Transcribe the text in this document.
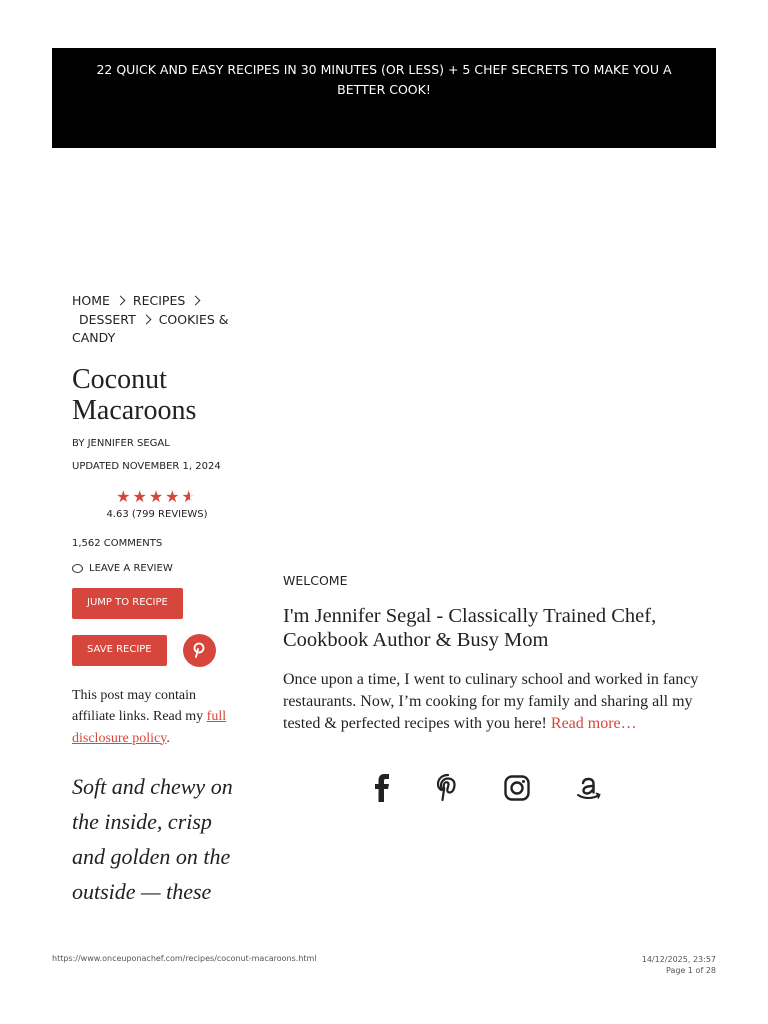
22 QUICK AND EASY RECIPES IN 30 MINUTES (OR LESS) + 5 CHEF SECRETS TO MAKE YOU A BETTER COOK!
HOME RECIPES
DESSERT COOKIES & CANDY
Coconut Macaroons
BY JENNIFER SEGAL
UPDATED NOVEMBER 1, 2024
★★★★★
4.63 (799 REVIEWS)
1,562 COMMENTS
LEAVE A REVIEW
JUMP TO RECIPE
SAVE RECIPE

This post may contain affiliate links. Read my full disclosure policy.

Soft and chewy on the inside, crisp and golden on the outside — these

WELCOME
I'm Jennifer Segal - Classically Trained Chef, Cookbook Author & Busy Mom

Once upon a time, I went to culinary school and worked in fancy restaurants. Now, I’m cooking for my family and sharing all my tested & perfected recipes with you here! Read more…

https://www.onceuponachef.com/recipes/coconut-macaroons.html	14/12/2025, 23:57
Page 1 of 28
